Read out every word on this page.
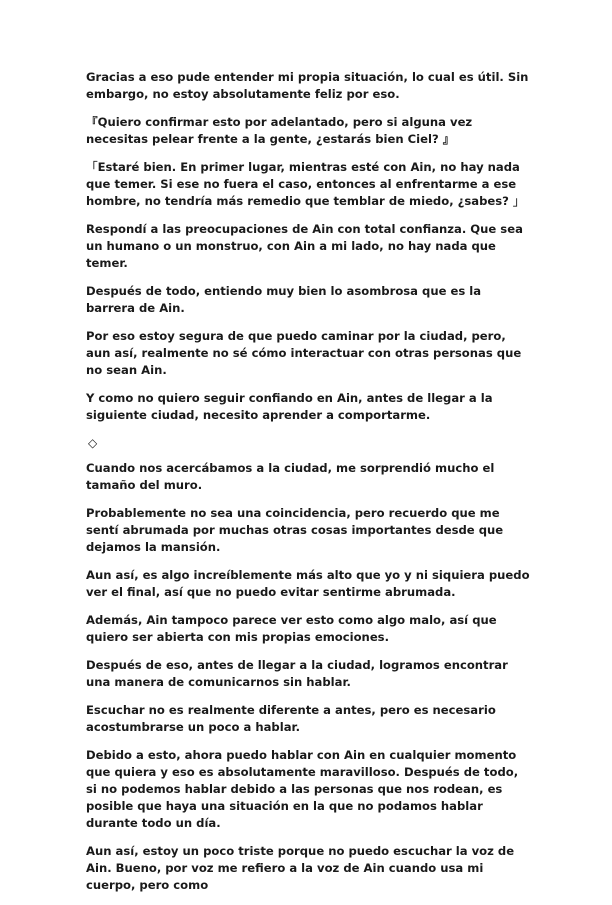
Gracias a eso pude entender mi propia situación, lo cual es útil. Sin embargo, no estoy absolutamente feliz por eso.

『Quiero confirmar esto por adelantado, pero si alguna vez necesitas pelear frente a la gente, ¿estarás bien Ciel? 』

「Estaré bien. En primer lugar, mientras esté con Ain, no hay nada que temer. Si ese no fuera el caso, entonces al enfrentarme a ese hombre, no tendría más remedio que temblar de miedo, ¿sabes? 」

Respondí a las preocupaciones de Ain con total confianza. Que sea un humano o un monstruo, con Ain a mi lado, no hay nada que temer.

Después de todo, entiendo muy bien lo asombrosa que es la barrera de Ain.

Por eso estoy segura de que puedo caminar por la ciudad, pero, aun así, realmente no sé cómo interactuar con otras personas que no sean Ain.

Y como no quiero seguir confiando en Ain, antes de llegar a la siguiente ciudad, necesito aprender a comportarme.

◇

Cuando nos acercábamos a la ciudad, me sorprendió mucho el tamaño del muro.

Probablemente no sea una coincidencia, pero recuerdo que me sentí abrumada por muchas otras cosas importantes desde que dejamos la mansión.

Aun así, es algo increíblemente más alto que yo y ni siquiera puedo ver el final, así que no puedo evitar sentirme abrumada.

Además, Ain tampoco parece ver esto como algo malo, así que quiero ser abierta con mis propias emociones.

Después de eso, antes de llegar a la ciudad, logramos encontrar una manera de comunicarnos sin hablar.

Escuchar no es realmente diferente a antes, pero es necesario acostumbrarse un poco a hablar.

Debido a esto, ahora puedo hablar con Ain en cualquier momento que quiera y eso es absolutamente maravilloso. Después de todo, si no podemos hablar debido a las personas que nos rodean, es posible que haya una situación en la que no podamos hablar durante todo un día.

Aun así, estoy un poco triste porque no puedo escuchar la voz de Ain. Bueno, por voz me refiero a la voz de Ain cuando usa mi cuerpo, pero como
